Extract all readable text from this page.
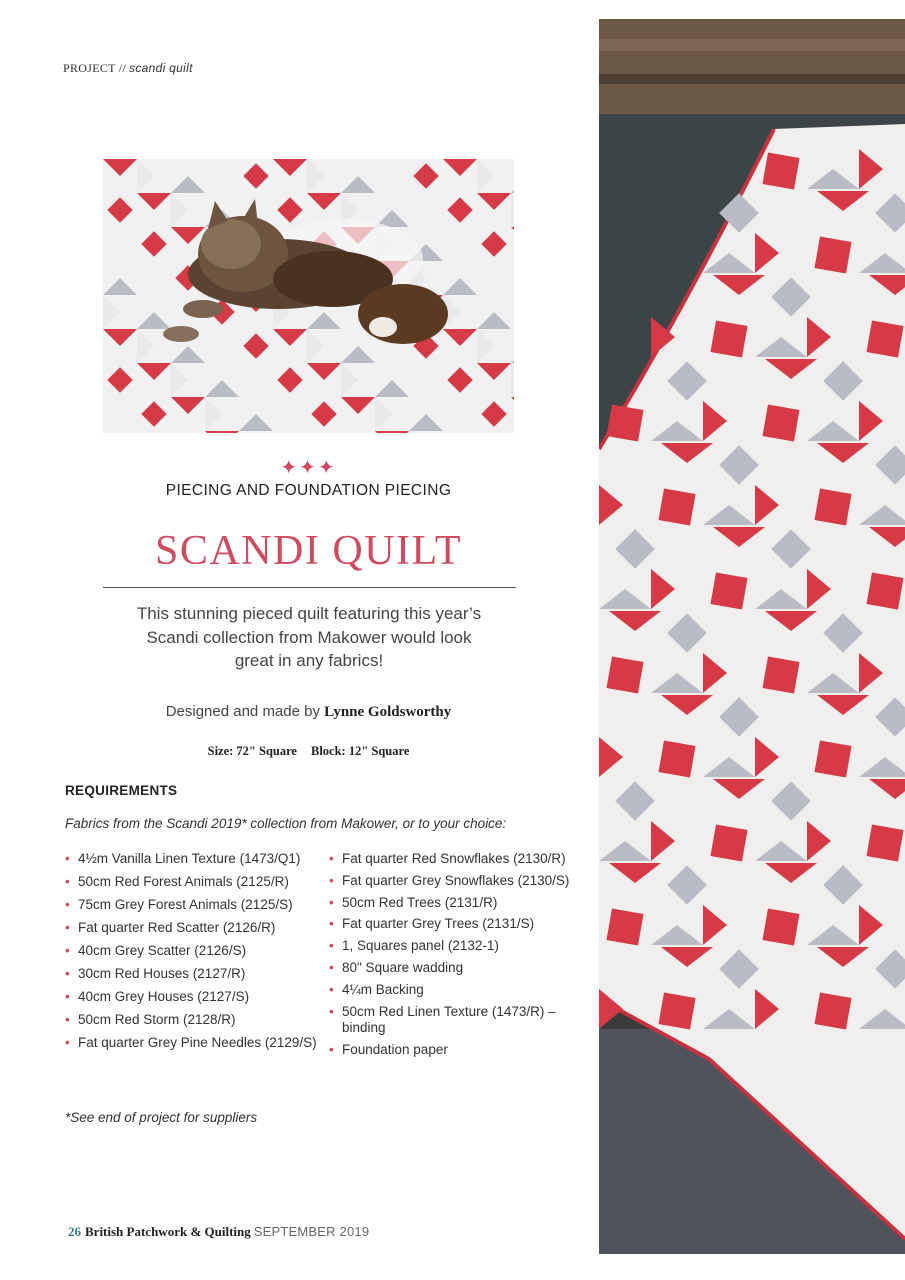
PROJECT // scandi quilt
✦✦✦
PIECING AND FOUNDATION PIECING
SCANDI QUILT
This stunning pieced quilt featuring this year’s Scandi collection from Makower would look great in any fabrics!
Designed and made by Lynne Goldsworthy
Size: 72" Square Block: 12" Square
REQUIREMENTS
Fabrics from the Scandi 2019* collection from Makower, or to your choice:
• 4½m Vanilla Linen Texture (1473/Q1)
• 50cm Red Forest Animals (2125/R)
• 75cm Grey Forest Animals (2125/S)
• Fat quarter Red Scatter (2126/R)
• 40cm Grey Scatter (2126/S)
• 30cm Red Houses (2127/R)
• 40cm Grey Houses (2127/S)
• 50cm Red Storm (2128/R)
• Fat quarter Grey Pine Needles (2129/S)
• Fat quarter Red Snowflakes (2130/R)
• Fat quarter Grey Snowflakes (2130/S)
• 50cm Red Trees (2131/R)
• Fat quarter Grey Trees (2131/S)
• 1, Squares panel (2132-1)
• 80" Square wadding
• 4¼m Backing
• 50cm Red Linen Texture (1473/R) – binding
• Foundation paper
*See end of project for suppliers
26 British Patchwork & Quilting SEPTEMBER 2019
